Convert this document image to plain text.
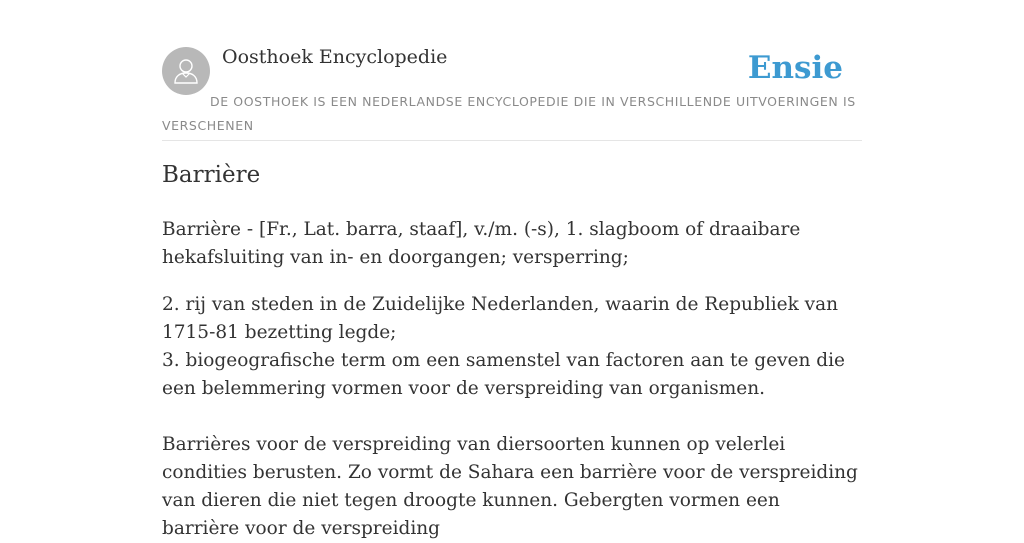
Oosthoek Encyclopedie	Ensie
DE OOSTHOEK IS EEN NEDERLANDSE ENCYCLOPEDIE DIE IN VERSCHILLENDE UITVOERINGEN IS VERSCHENEN
Barrière

Barrière - [Fr., Lat. barra, staaf], v./m. (-s), 1. slagboom of draaibare hekafsluiting van in- en doorgangen; versperring;

2. rij van steden in de Zuidelijke Nederlanden, waarin de Republiek van 1715-81 bezetting legde;

3. biogeografische term om een samenstel van factoren aan te geven die een belemmering vormen voor de verspreiding van organismen.

Barrières voor de verspreiding van diersoorten kunnen op velerlei condities berusten. Zo vormt de Sahara een barrière voor de verspreiding van dieren die niet tegen droogte kunnen. Gebergten vormen een barrière voor de verspreiding
